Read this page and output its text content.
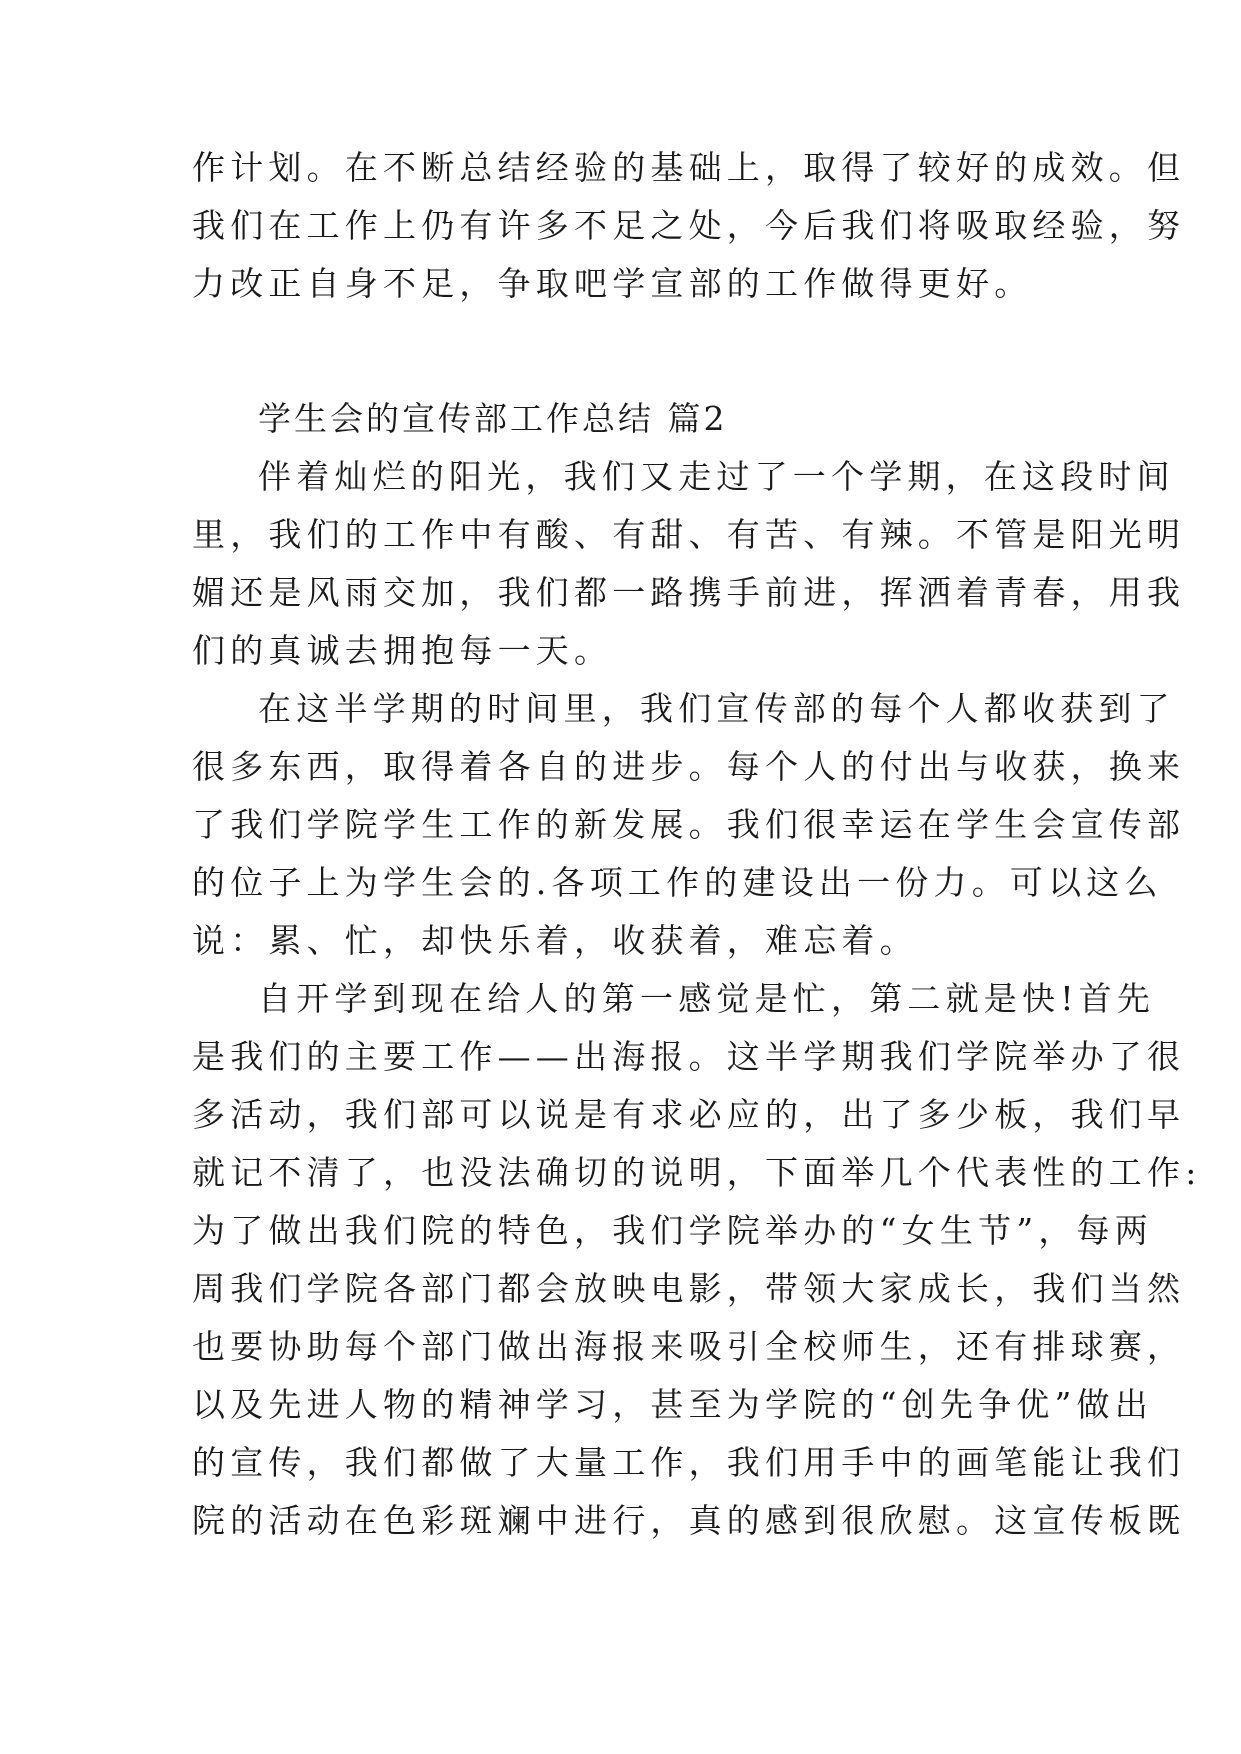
作计划。在不断总结经验的基础上，取得了较好的成效。但
我们在工作上仍有许多不足之处，今后我们将吸取经验，努
力改正自身不足，争取吧学宣部的工作做得更好。
学生会的宣传部工作总结 篇2
伴着灿烂的阳光，我们又走过了一个学期，在这段时间
里，我们的工作中有酸、有甜、有苦、有辣。不管是阳光明
媚还是风雨交加，我们都一路携手前进，挥洒着青春，用我
们的真诚去拥抱每一天。
在这半学期的时间里，我们宣传部的每个人都收获到了
很多东西，取得着各自的进步。每个人的付出与收获，换来
了我们学院学生工作的新发展。我们很幸运在学生会宣传部
的位子上为学生会的.各项工作的建设出一份力。可以这么
说：累、忙，却快乐着，收获着，难忘着。
自开学到现在给人的第一感觉是忙，第二就是快!首先
是我们的主要工作——出海报。这半学期我们学院举办了很
多活动，我们部可以说是有求必应的，出了多少板，我们早
就记不清了，也没法确切的说明，下面举几个代表性的工作:
为了做出我们院的特色，我们学院举办的“女生节”，每两
周我们学院各部门都会放映电影，带领大家成长，我们当然
也要协助每个部门做出海报来吸引全校师生，还有排球赛，
以及先进人物的精神学习，甚至为学院的“创先争优”做出
的宣传，我们都做了大量工作，我们用手中的画笔能让我们
院的活动在色彩斑斓中进行，真的感到很欣慰。这宣传板既
